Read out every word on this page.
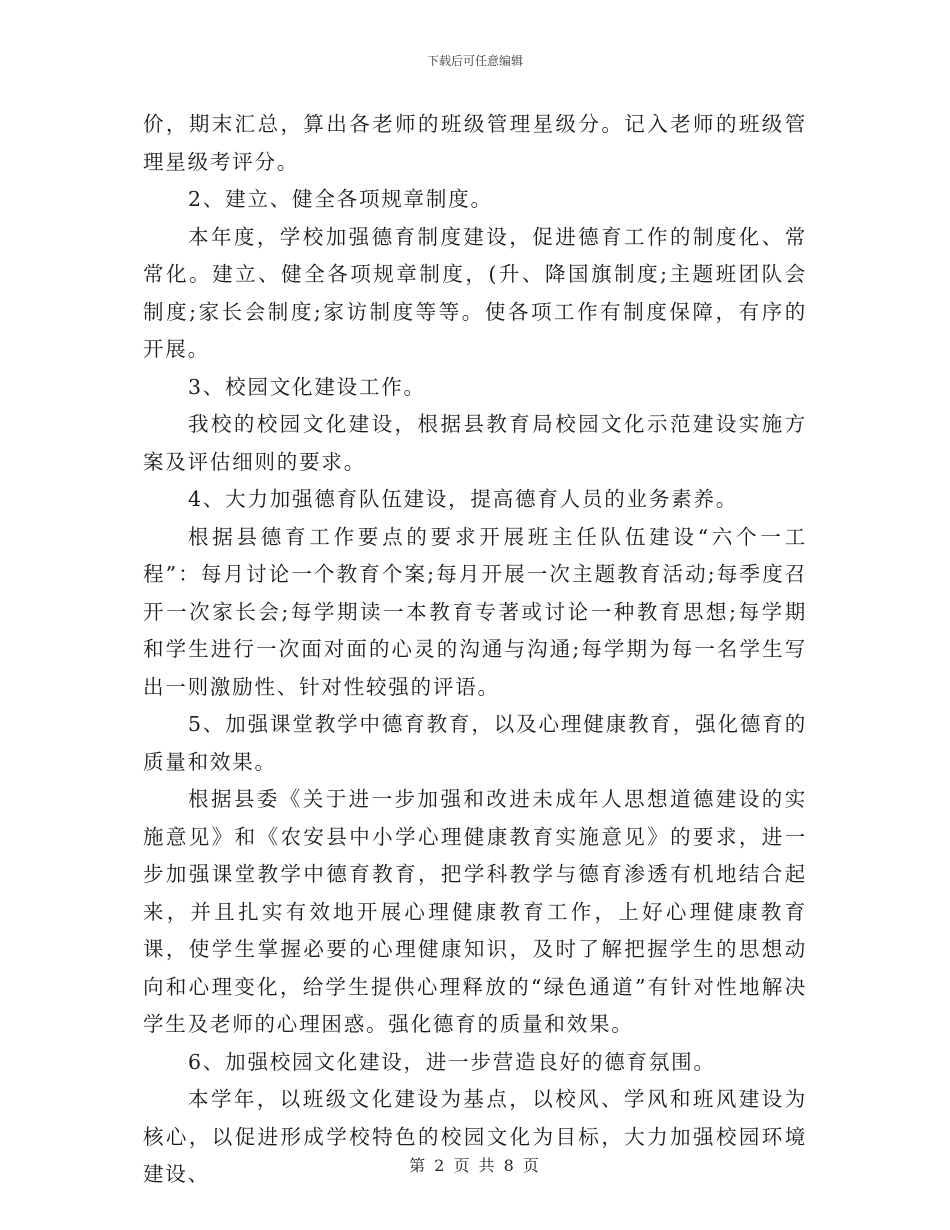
下载后可任意编辑

价，期末汇总，算出各老师的班级管理星级分。记入老师的班级管理星级考评分。

2、建立、健全各项规章制度。

本年度，学校加强德育制度建设，促进德育工作的制度化、常常化。建立、健全各项规章制度，(升、降国旗制度;主题班团队会制度;家长会制度;家访制度等等。使各项工作有制度保障，有序的开展。

3、校园文化建设工作。

我校的校园文化建设，根据县教育局校园文化示范建设实施方案及评估细则的要求。

4、大力加强德育队伍建设，提高德育人员的业务素养。

根据县德育工作要点的要求开展班主任队伍建设“六个一工程”：每月讨论一个教育个案;每月开展一次主题教育活动;每季度召开一次家长会;每学期读一本教育专著或讨论一种教育思想;每学期和学生进行一次面对面的心灵的沟通与沟通;每学期为每一名学生写出一则激励性、针对性较强的评语。

5、加强课堂教学中德育教育，以及心理健康教育，强化德育的质量和效果。

根据县委《关于进一步加强和改进未成年人思想道德建设的实施意见》和《农安县中小学心理健康教育实施意见》的要求，进一步加强课堂教学中德育教育，把学科教学与德育渗透有机地结合起来，并且扎实有效地开展心理健康教育工作，上好心理健康教育课，使学生掌握必要的心理健康知识，及时了解把握学生的思想动向和心理变化，给学生提供心理释放的“绿色通道”有针对性地解决学生及老师的心理困惑。强化德育的质量和效果。

6、加强校园文化建设，进一步营造良好的德育氛围。

本学年，以班级文化建设为基点，以校风、学风和班风建设为核心，以促进形成学校特色的校园文化为目标，大力加强校园环境建设、	第 2 页 共 8 页
